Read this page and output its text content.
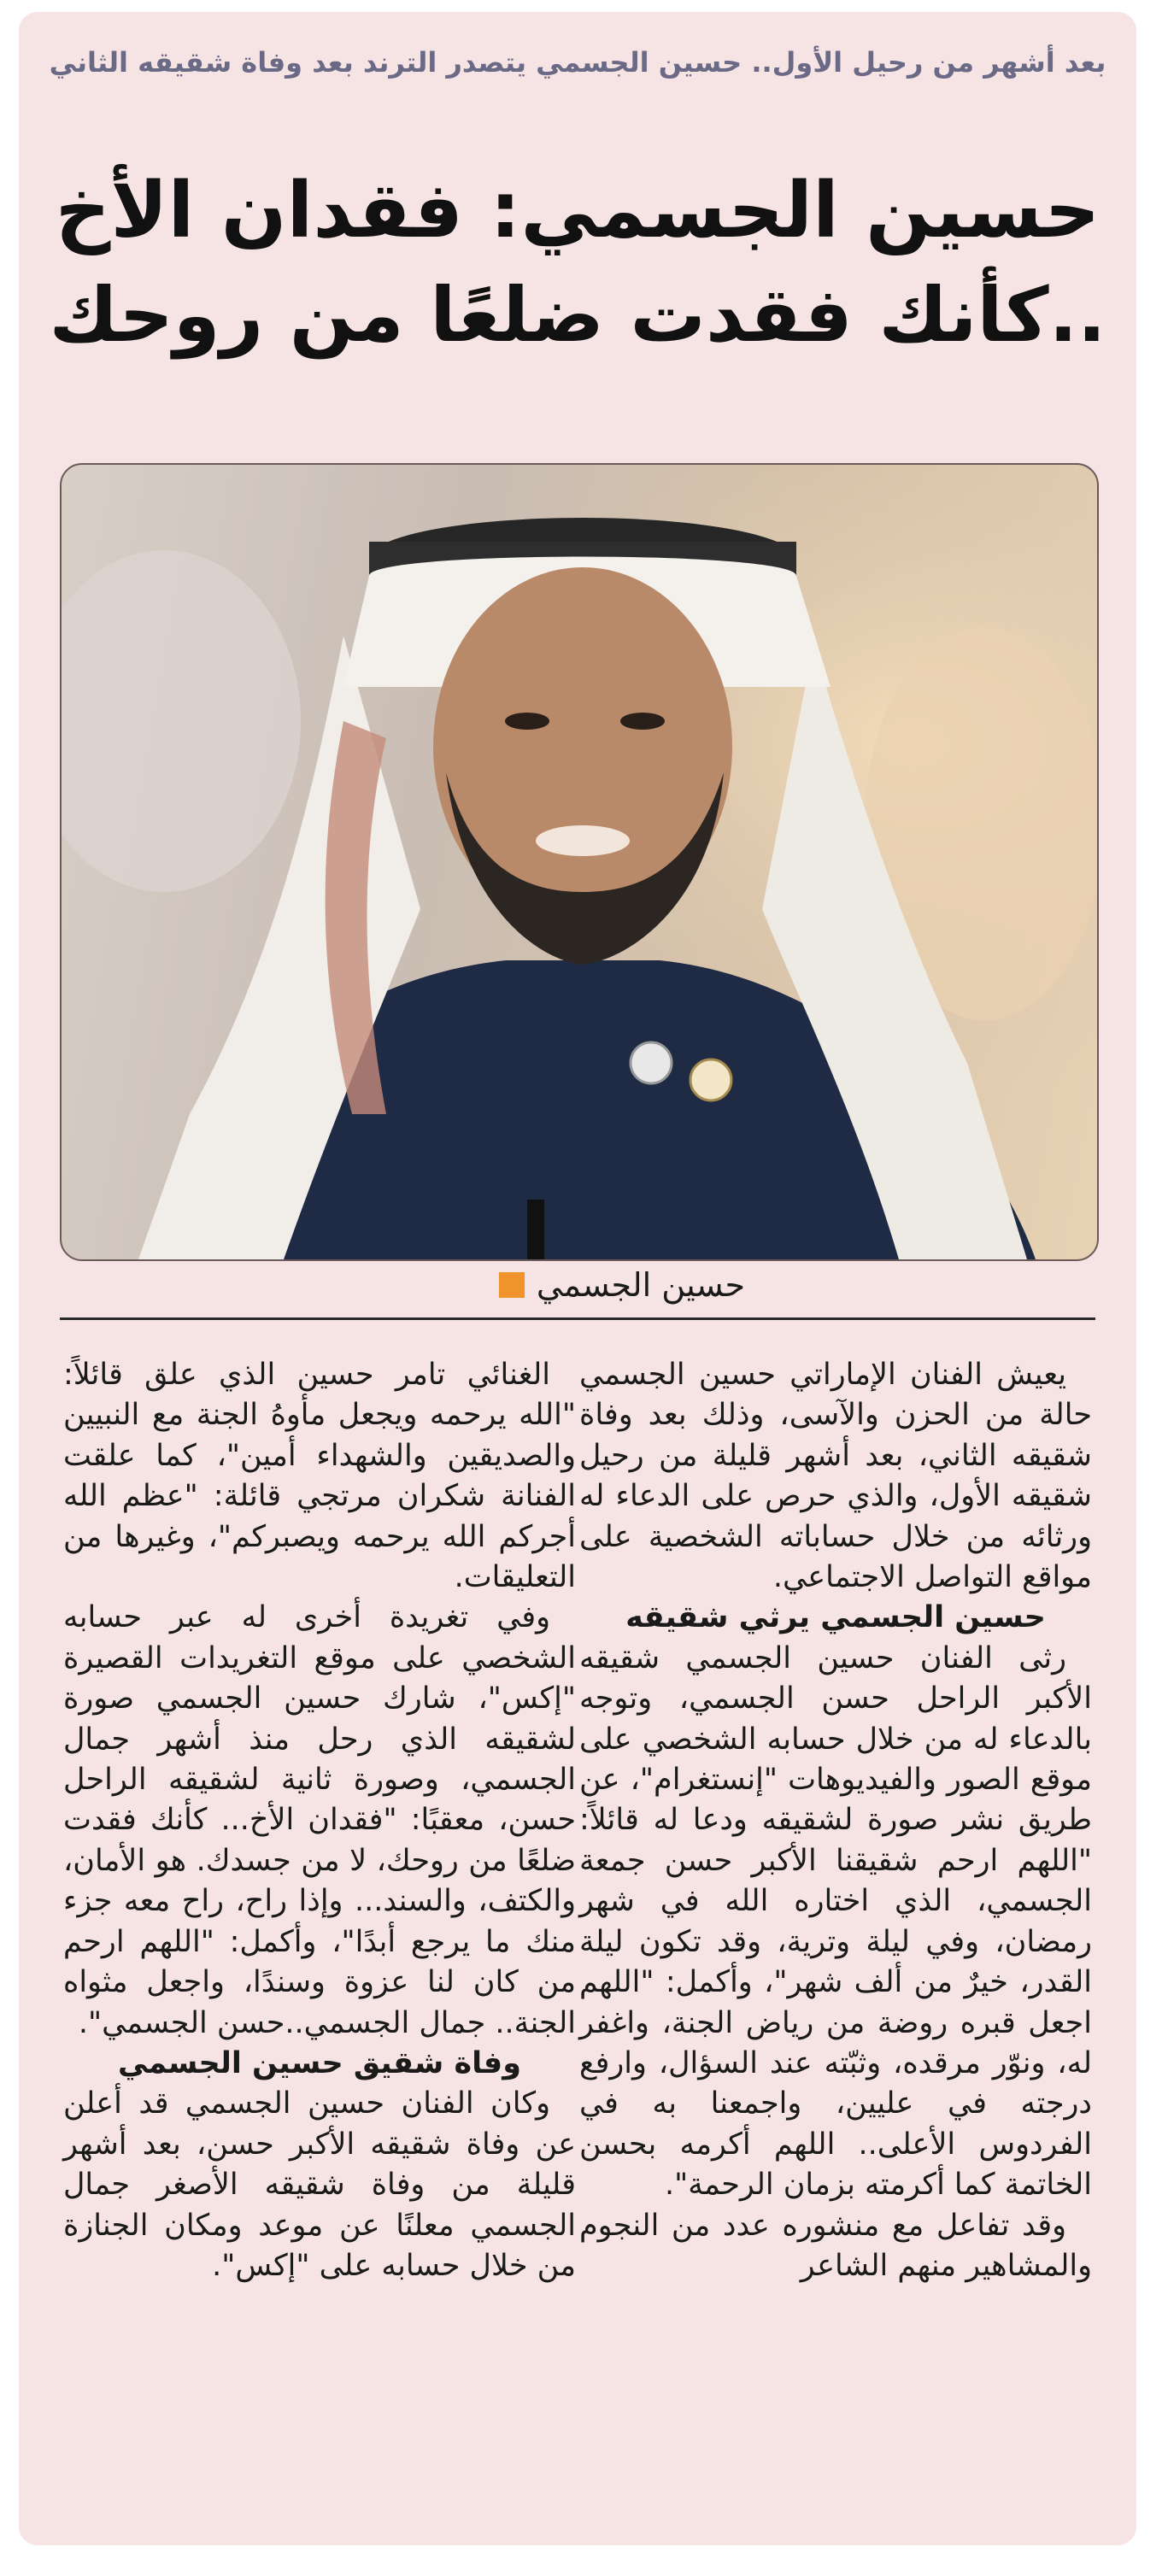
بعد أشهر من رحيل الأول.. حسين الجسمي يتصدر الترند بعد وفاة شقيقه الثاني
حسين الجسمي: فقدان الأخ
..كأنك فقدت ضلعًا من روحك
حسين الجسمي

يعيش الفنان الإماراتي حسين الجسمي حالة من الحزن والآسى، وذلك بعد وفاة شقيقه الثاني، بعد أشهر قليلة من رحيل شقيقه الأول، والذي حرص على الدعاء له ورثائه من خلال حساباته الشخصية على مواقع التواصل الاجتماعي.

حسين الجسمي يرثي شقيقه

رثى الفنان حسين الجسمي شقيقه الأكبر الراحل حسن الجسمي، وتوجه بالدعاء له من خلال حسابه الشخصي على موقع الصور والفيديوهات "إنستغرام"، عن طريق نشر صورة لشقيقه ودعا له قائلاً: "اللهم ارحم شقيقنا الأكبر حسن جمعة الجسمي، الذي اختاره الله في شهر رمضان، وفي ليلة وترية، وقد تكون ليلة القدر، خيرٌ من ألف شهر"، وأكمل: "اللهم اجعل قبره روضة من رياض الجنة، واغفر له، ونوّر مرقده، وثبّته عند السؤال، وارفع درجته في عليين، واجمعنا به في الفردوس الأعلى.. اللهم أكرمه بحسن الخاتمة كما أكرمته بزمان الرحمة".

وقد تفاعل مع منشوره عدد من النجوم والمشاهير منهم الشاعر

الغنائي تامر حسين الذي علق قائلاً: "الله يرحمه ويجعل مأوهُ الجنة مع النبيين والصديقين والشهداء أمين"، كما علقت الفنانة شكران مرتجي قائلة: "عظم الله أجركم الله يرحمه ويصبركم"، وغيرها من التعليقات.

وفي تغريدة أخرى له عبر حسابه الشخصي على موقع التغريدات القصيرة "إكس"، شارك حسين الجسمي صورة لشقيقه الذي رحل منذ أشهر جمال الجسمي، وصورة ثانية لشقيقه الراحل حسن، معقبًا: "فقدان الأخ... كأنك فقدت ضلعًا من روحك، لا من جسدك. هو الأمان، والكتف، والسند... وإذا راح، راح معه جزء منك ما يرجع أبدًا"، وأكمل: "اللهم ارحم من كان لنا عزوة وسندًا، واجعل مثواه الجنة.. جمال الجسمي..حسن الجسمي".

وفاة شقيق حسين الجسمي

وكان الفنان حسين الجسمي قد أعلن عن وفاة شقيقه الأكبر حسن، بعد أشهر قليلة من وفاة شقيقه الأصغر جمال الجسمي معلنًا عن موعد ومكان الجنازة من خلال حسابه على "إكس".
